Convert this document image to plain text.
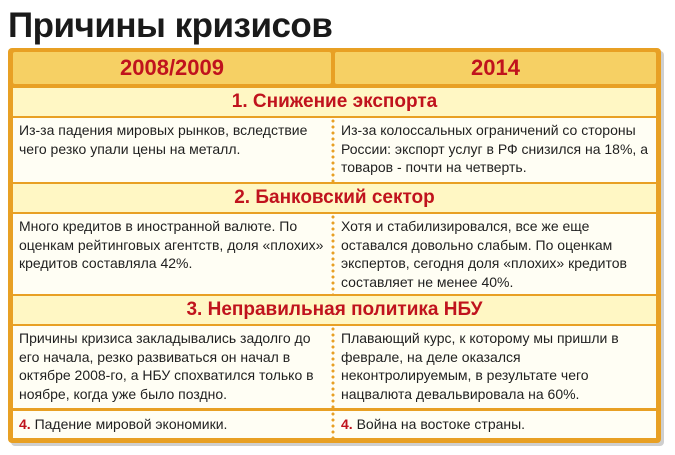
Причины кризисов
2008/2009	2014
1. Снижение экспорта
Из-за падения мировых рынков, вследствие чего резко упали цены на металл.
Из-за колоссальных ограничений со стороны России: экспорт услуг в РФ снизился на 18%, а товаров - почти на четверть.
2. Банковский сектор
Много кредитов в иностранной валюте. По оценкам рейтинговых агентств, доля «плохих» кредитов составляла 42%.
Хотя и стабилизировался, все же еще оставался довольно слабым. По оценкам экспертов, сегодня доля «плохих» кредитов составляет не менее 40%.
3. Неправильная политика НБУ
Причины кризиса закладывались задолго до его начала, резко развиваться он начал в октябре 2008-го, а НБУ спохватился только в ноябре, когда уже было поздно.
Плавающий курс, к которому мы пришли в феврале, на деле оказался неконтролируемым, в результате чего нацвалюта девальвировала на 60%.
4. Падение мировой экономики.	4. Война на востоке страны.
